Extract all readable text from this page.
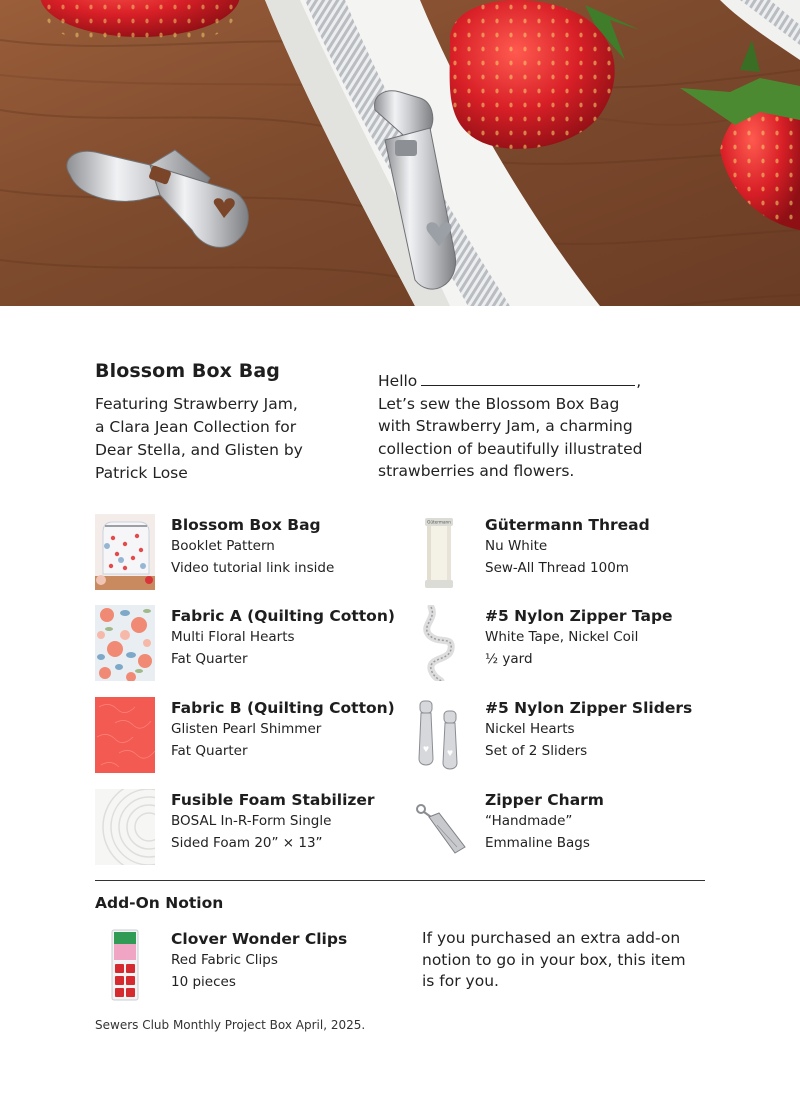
Blossom Box Bag
Featuring Strawberry Jam,
a Clara Jean Collection for
Dear Stella, and Glisten by
Patrick Lose
Hello	,
Let’s sew the Blossom Box Bag
with Strawberry Jam, a charming
collection of beautifully illustrated
strawberries and flowers.
Blossom Box Bag
Booklet Pattern
Video tutorial link inside
Gütermann Gütermann Thread
Nu White
Sew-All Thread 100m
Fabric A (Quilting Cotton)
Multi Floral Hearts
Fat Quarter
#5 Nylon Zipper Tape
White Tape, Nickel Coil
½ yard
Fabric B (Quilting Cotton)
Glisten Pearl Shimmer
Fat Quarter
#5 Nylon Zipper Sliders
Nickel Hearts
Set of 2 Sliders
Fusible Foam Stabilizer
BOSAL In-R-Form Single
Sided Foam 20” × 13”
Zipper Charm
“Handmade”
Emmaline Bags
Add-On Notion
Clover Wonder Clips
Red Fabric Clips
10 pieces
If you purchased an extra add-on
notion to go in your box, this item
is for you.
Sewers Club Monthly Project Box April, 2025.
